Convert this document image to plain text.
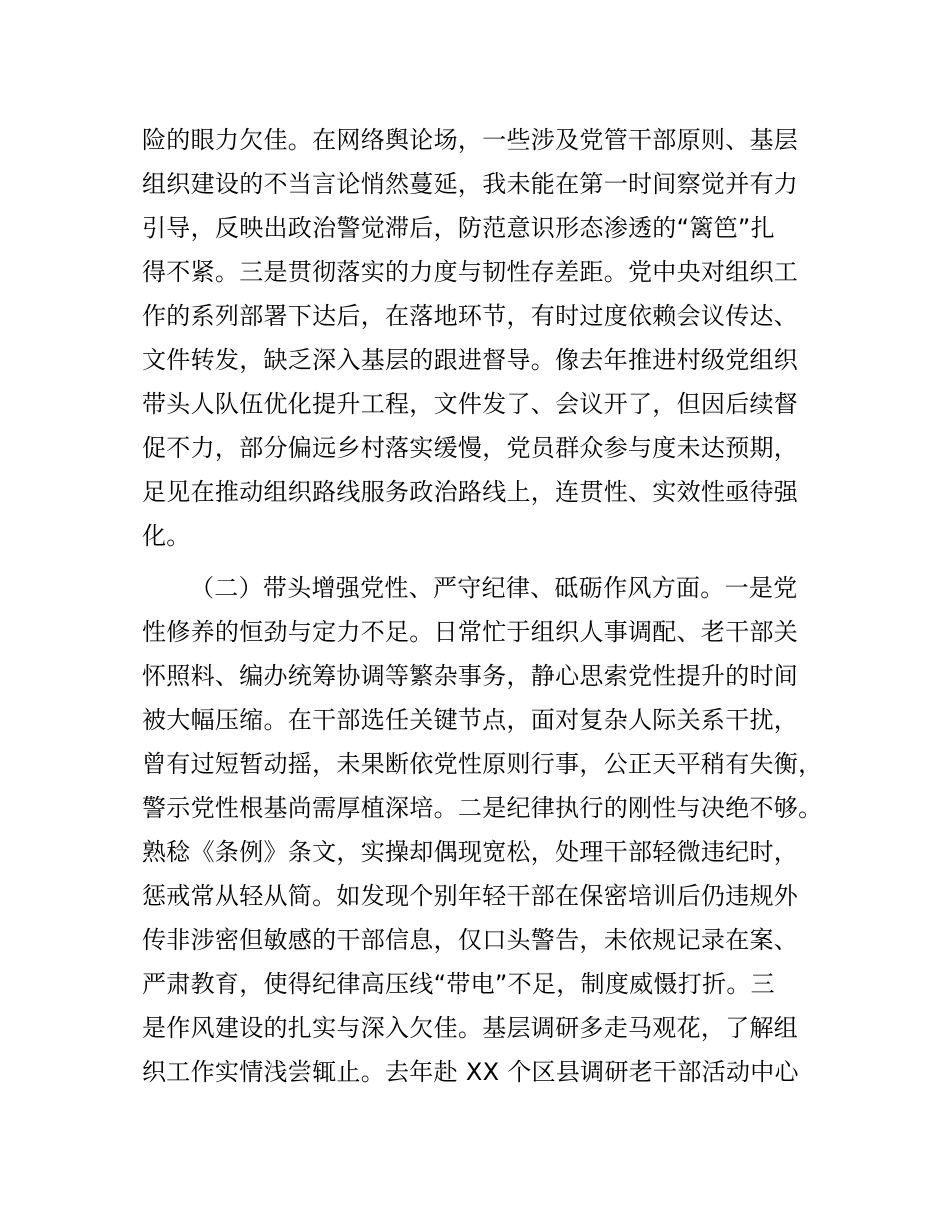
险的眼力欠佳。在网络舆论场，一些涉及党管干部原则、基层
组织建设的不当言论悄然蔓延，我未能在第一时间察觉并有力
引导，反映出政治警觉滞后，防范意识形态渗透的“篱笆”扎
得不紧。三是贯彻落实的力度与韧性存差距。党中央对组织工
作的系列部署下达后，在落地环节，有时过度依赖会议传达、
文件转发，缺乏深入基层的跟进督导。像去年推进村级党组织
带头人队伍优化提升工程，文件发了、会议开了，但因后续督
促不力，部分偏远乡村落实缓慢，党员群众参与度未达预期，
足见在推动组织路线服务政治路线上，连贯性、实效性亟待强
化。
（二）带头增强党性、严守纪律、砥砺作风方面。一是党
性修养的恒劲与定力不足。日常忙于组织人事调配、老干部关
怀照料、编办统筹协调等繁杂事务，静心思索党性提升的时间
被大幅压缩。在干部选任关键节点，面对复杂人际关系干扰，
曾有过短暂动摇，未果断依党性原则行事，公正天平稍有失衡，
警示党性根基尚需厚植深培。二是纪律执行的刚性与决绝不够。
熟稔《条例》条文，实操却偶现宽松，处理干部轻微违纪时，
惩戒常从轻从简。如发现个别年轻干部在保密培训后仍违规外
传非涉密但敏感的干部信息，仅口头警告，未依规记录在案、
严肃教育，使得纪律高压线“带电”不足，制度威慑打折。三
是作风建设的扎实与深入欠佳。基层调研多走马观花，了解组
织工作实情浅尝辄止。去年赴 XX 个区县调研老干部活动中心
